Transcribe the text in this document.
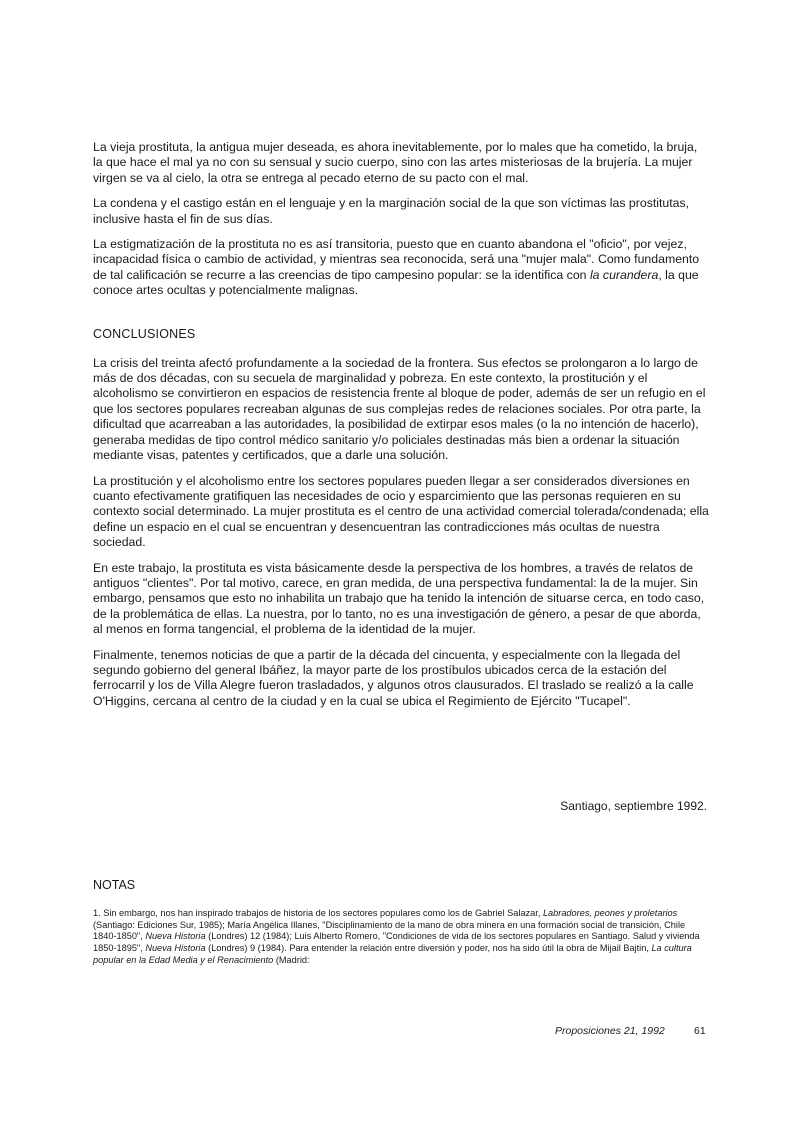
La vieja prostituta, la antigua mujer deseada, es ahora inevitablemente, por lo males que ha cometido, la bruja, la que hace el mal ya no con su sensual y sucio cuerpo, sino con las artes misteriosas de la brujería. La mujer virgen se va al cielo, la otra se entrega al pecado eterno de su pacto con el mal.

La condena y el castigo están en el lenguaje y en la marginación social de la que son víctimas las prostitutas, inclusive hasta el fin de sus días.

La estigmatización de la prostituta no es así transitoria, puesto que en cuanto abandona el "oficio", por vejez, incapacidad física o cambio de actividad, y mientras sea reconocida, será una "mujer mala". Como fundamento de tal calificación se recurre a las creencias de tipo campesino popular: se la identifica con la curandera, la que conoce artes ocultas y potencialmente malignas.

CONCLUSIONES

La crisis del treinta afectó profundamente a la sociedad de la frontera. Sus efectos se prolongaron a lo largo de más de dos décadas, con su secuela de marginalidad y pobreza. En este contexto, la prostitución y el alcoholismo se convirtieron en espacios de resistencia frente al bloque de poder, además de ser un refugio en el que los sectores populares recreaban algunas de sus complejas redes de relaciones sociales. Por otra parte, la dificultad que acarreaban a las autoridades, la posibilidad de extirpar esos males (o la no intención de hacerlo), generaba medidas de tipo control médico sanitario y/o policiales destinadas más bien a ordenar la situación mediante visas, patentes y certificados, que a darle una solución.

La prostitución y el alcoholismo entre los sectores populares pueden llegar a ser considerados diversiones en cuanto efectivamente gratifiquen las necesidades de ocio y esparcimiento que las personas requieren en su contexto social determinado. La mujer prostituta es el centro de una actividad comercial tolerada/condenada; ella define un espacio en el cual se encuentran y desencuentran las contradicciones más ocultas de nuestra sociedad.

En este trabajo, la prostituta es vista básicamente desde la perspectiva de los hombres, a través de relatos de antiguos "clientes". Por tal motivo, carece, en gran medida, de una perspectiva fundamental: la de la mujer. Sin embargo, pensamos que esto no inhabilita un trabajo que ha tenido la intención de situarse cerca, en todo caso, de la problemática de ellas. La nuestra, por lo tanto, no es una investigación de género, a pesar de que aborda, al menos en forma tangencial, el problema de la identidad de la mujer.

Finalmente, tenemos noticias de que a partir de la década del cincuenta, y especialmente con la llegada del segundo gobierno del general Ibáñez, la mayor parte de los prostíbulos ubicados cerca de la estación del ferrocarril y los de Villa Alegre fueron trasladados, y algunos otros clausurados. El traslado se realizó a la calle O'Higgins, cercana al centro de la ciudad y en la cual se ubica el Regimiento de Ejército "Tucapel".

Santiago, septiembre 1992.
NOTAS
1. Sin embargo, nos han inspirado trabajos de historia de los sectores populares como los de Gabriel Salazar, Labradores, peones y proletarios (Santiago: Ediciones Sur, 1985); María Angélica Illanes, "Disciplinamiento de la mano de obra minera en una formación social de transición, Chile 1840-1850", Nueva Historia (Londres) 12 (1984); Luis Alberto Romero, "Condiciones de vida de los sectores populares en Santiago. Salud y vivienda 1850-1895", Nueva Historia (Londres) 9 (1984). Para entender la relación entre diversión y poder, nos ha sido útil la obra de Mijail Bajtin, La cultura popular en la Edad Media y el Renacimiento (Madrid:
Proposiciones 21, 1992	61
